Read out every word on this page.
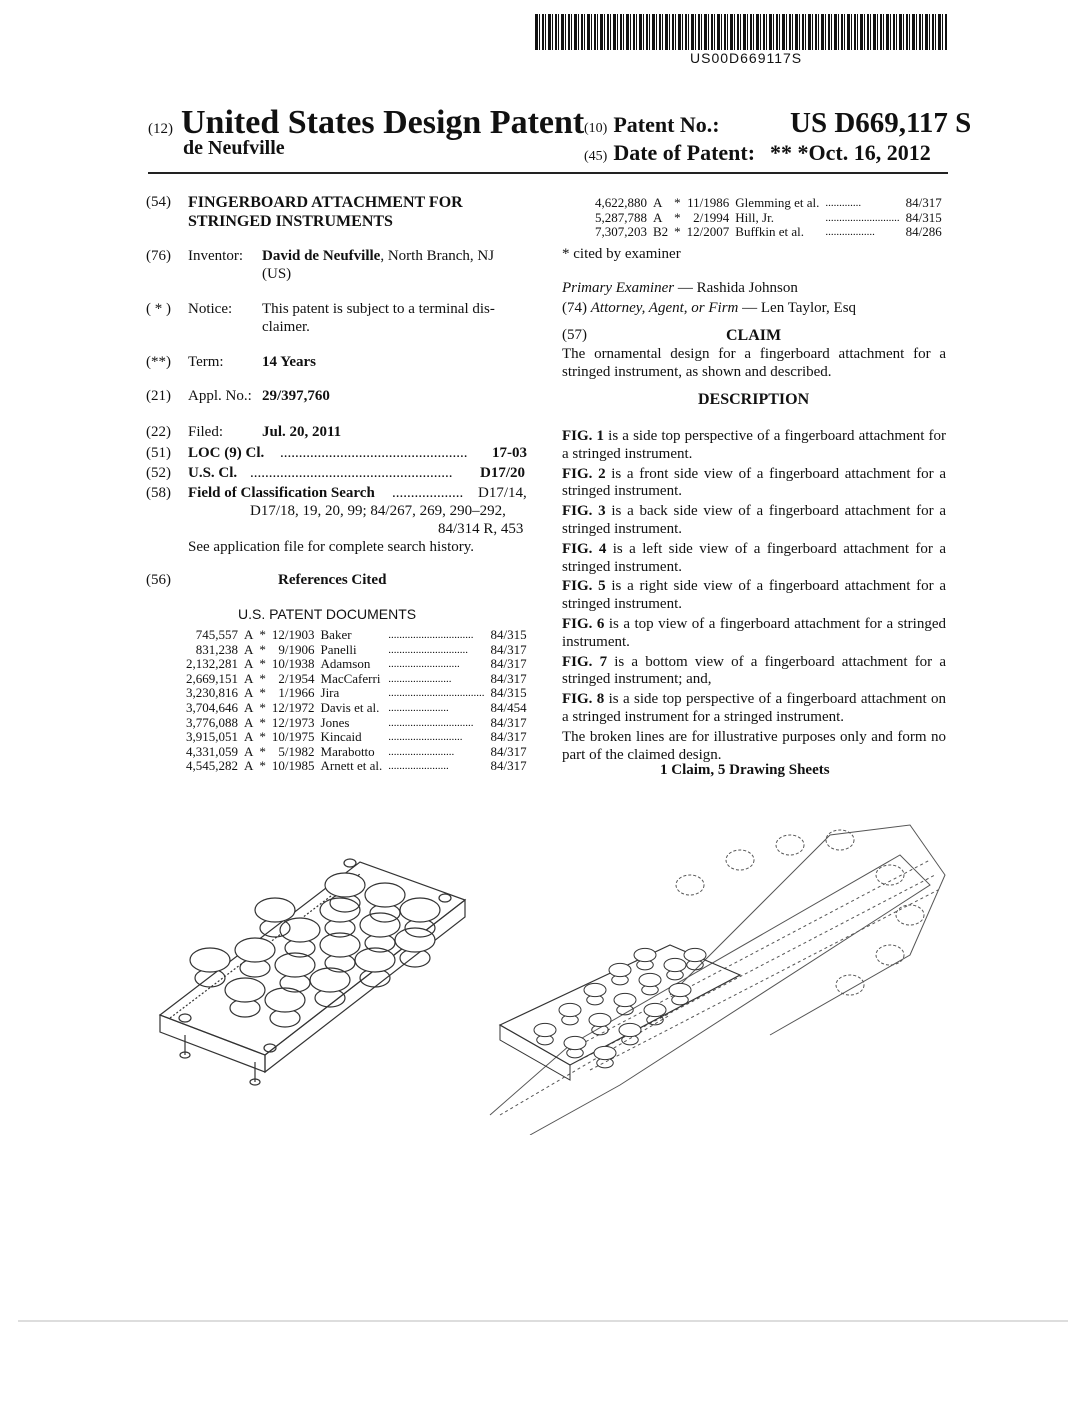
US00D669117S
(12) United States Design Patent
de Neufville
(10) Patent No.: US D669,117 S
(45) Date of Patent: ** *Oct. 16, 2012
(54) FINGERBOARD ATTACHMENT FOR
STRINGED INSTRUMENTS
(76) Inventor: David de Neufville, North Branch, NJ
(US)
( * ) Notice: This patent is subject to a terminal dis-
claimer.
(**) Term:	14 Years
(21) Appl. No.: 29/397,760
(22) Filed:	Jul. 20, 2011
(51) LOC (9) Cl. ..................................................	17-03
(52) U.S. Cl. ......................................................	D17/20
(58) Field of Classification Search ................... D17/14,
D17/18, 19, 20, 99; 84/267, 269, 290–292,
84/314 R, 453
See application file for complete search history.
(56)	References Cited
U.S. PATENT DOCUMENTS
745,557	A	*	12/1903	Baker	...............................	84/315
831,238	A	*	9/1906	Panelli	.............................	84/317
2,132,281	A	*	10/1938	Adamson	..........................	84/317
2,669,151	A	*	2/1954	MacCaferri	.......................	84/317
3,230,816	A	*	1/1966	Jira	...................................	84/315
3,704,646	A	*	12/1972	Davis et al.	......................	84/454
3,776,088	A	*	12/1973	Jones	...............................	84/317
3,915,051	A	*	10/1975	Kincaid	...........................	84/317
4,331,059	A	*	5/1982	Marabotto	........................	84/317
4,545,282	A	*	10/1985	Arnett et al.	......................	84/317
4,622,880	A	*	11/1986	Glemming et al.	.............	84/317
5,287,788	A	*	2/1994	Hill, Jr.	...........................	84/315
7,307,203	B2	*	12/2007	Buffkin et al.	..................	84/286
* cited by examiner
Primary Examiner — Rashida Johnson
(74) Attorney, Agent, or Firm — Len Taylor, Esq
(57)	CLAIM

The ornamental design for a fingerboard attachment for a stringed instrument, as shown and described.

DESCRIPTION

FIG. 1 is a side top perspective of a fingerboard attachment for a stringed instrument.

FIG. 2 is a front side view of a fingerboard attachment for a stringed instrument.

FIG. 3 is a back side view of a fingerboard attachment for a stringed instrument.

FIG. 4 is a left side view of a fingerboard attachment for a stringed instrument.

FIG. 5 is a right side view of a fingerboard attachment for a stringed instrument.

FIG. 6 is a top view of a fingerboard attachment for a stringed instrument.

FIG. 7 is a bottom view of a fingerboard attachment for a stringed instrument; and,

FIG. 8 is a side top perspective of a fingerboard attachment on a stringed instrument for a stringed instrument.

The broken lines are for illustrative purposes only and form no part of the claimed design.

1 Claim, 5 Drawing Sheets
